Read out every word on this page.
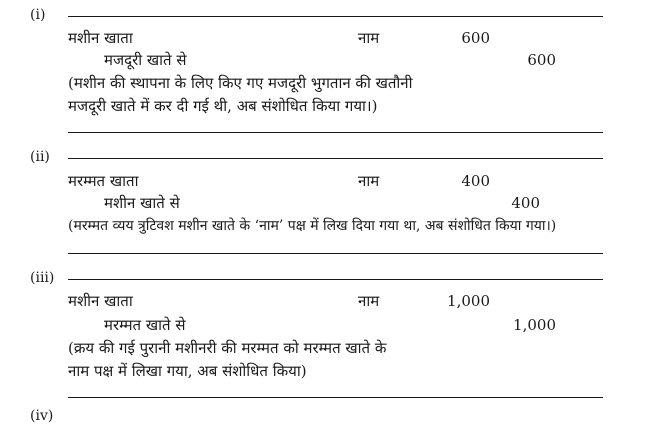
(i)
मशीन खाता	नाम	600
मजदूरी खाते से	600
(मशीन की स्थापना के लिए किए गए मजदूरी भुगतान की खतौनी
मजदूरी खाते में कर दी गई थी, अब संशोधित किया गया।)
(ii)
मरम्मत खाता	नाम	400
मशीन खाते से	400
(मरम्मत व्यय त्रुटिवश मशीन खाते के ‘नाम’ पक्ष में लिख दिया गया था, अब संशोधित किया गया।)
(iii)
मशीन खाता	नाम	1,000
मरम्मत खाते से	1,000
(क्रय की गई पुरानी मशीनरी की मरम्मत को मरम्मत खाते के
नाम पक्ष में लिखा गया, अब संशोधित किया)
(iv)
